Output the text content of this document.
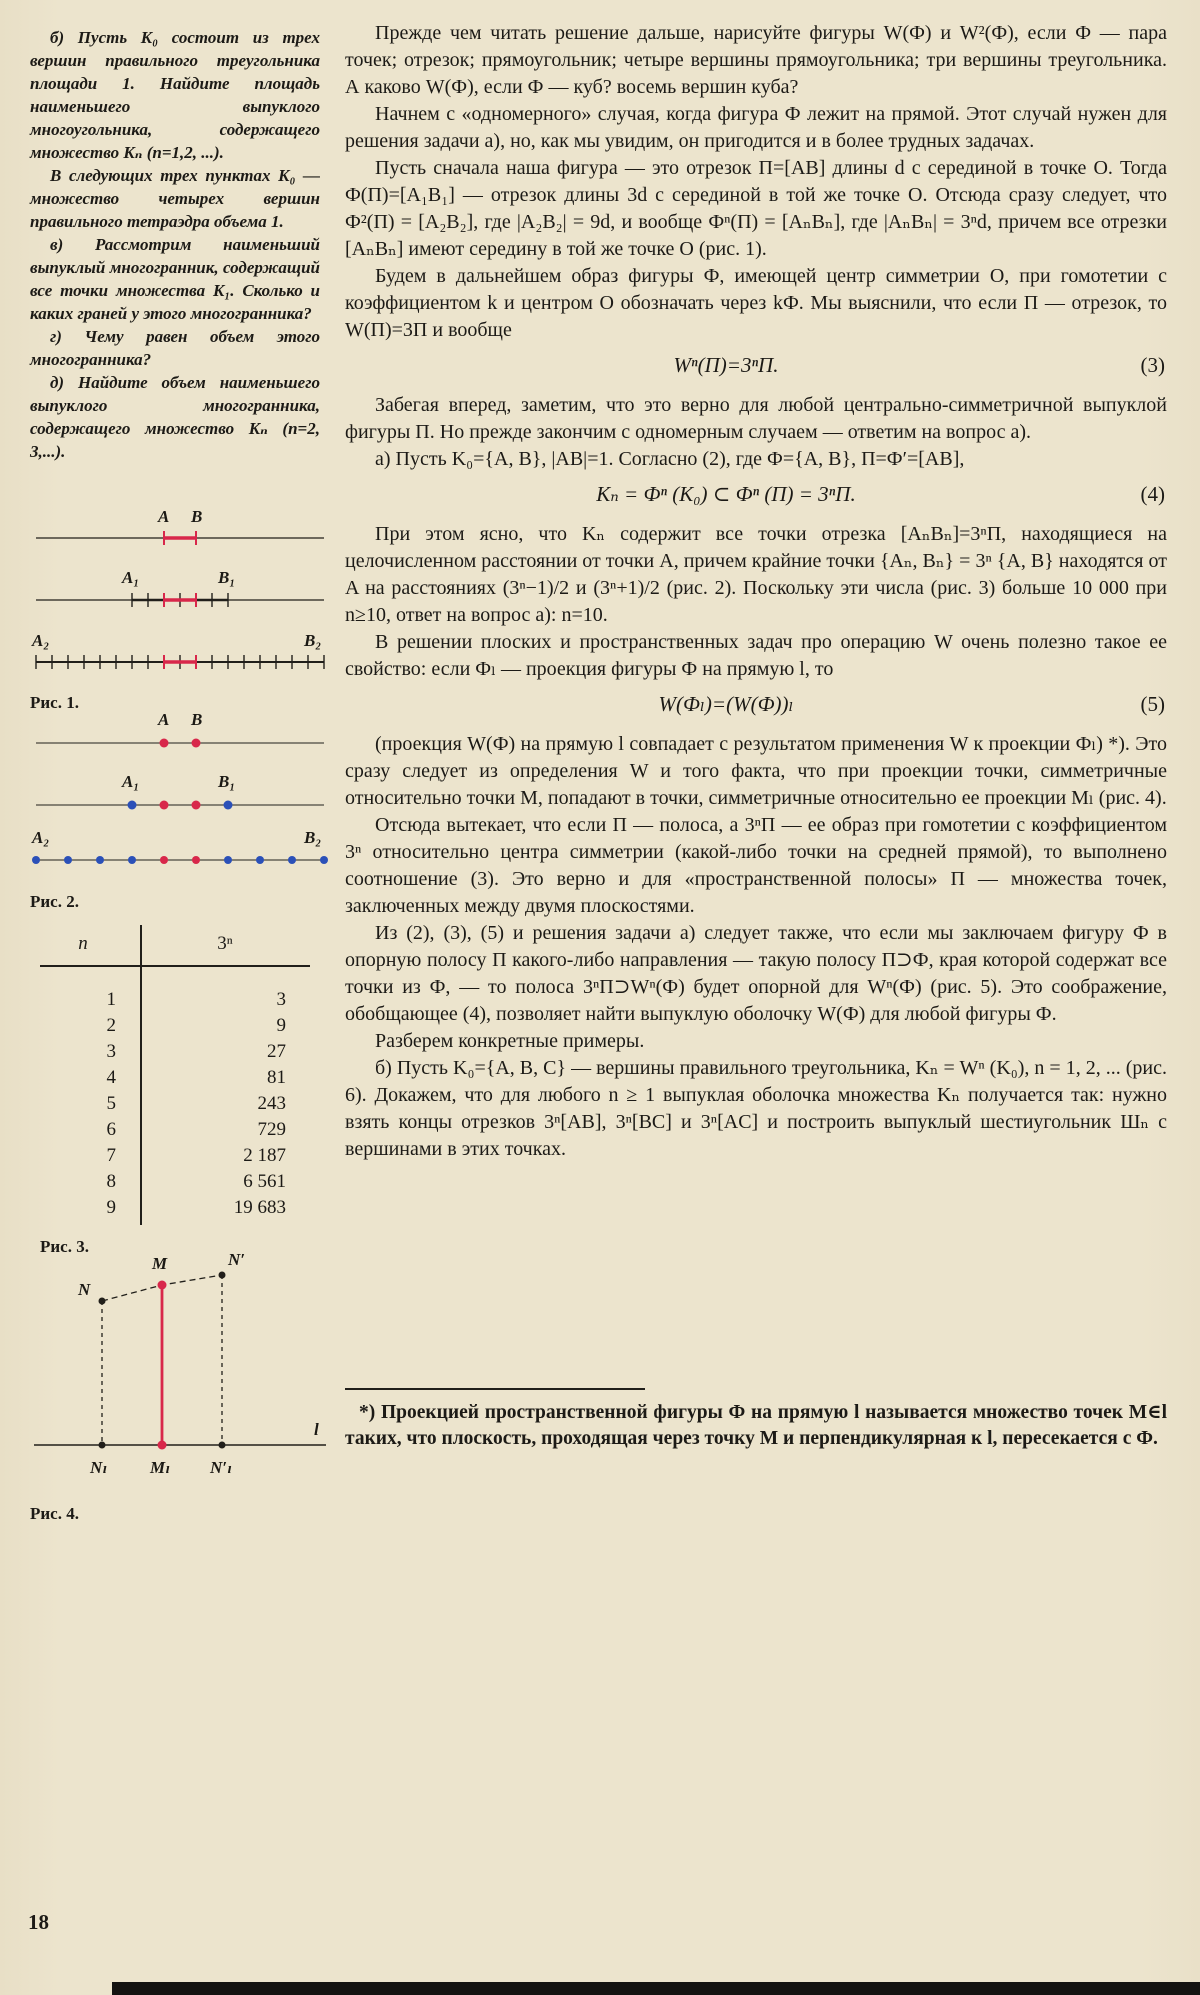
б) Пусть K₀ состоит из трех вершин правильного треугольника площади 1. Найдите площадь наименьшего выпуклого многоугольника, содержащего множество Kₙ (n=1,2, ...).

В следующих трех пунктах K₀ — множество четырех вершин правильного тетраэдра объема 1.

в) Рассмотрим наименьший выпуклый многогранник, содержащий все точки множества K₁. Сколько и каких граней у этого многогранника?

г) Чему равен объем этого многогранника?

д) Найдите объем наименьшего выпуклого многогранника, содержащего множество Kₙ (n=2, 3,...).

A B
A₁	B₁
A₂	B₂
Рис. 1.
A B
A₁	B₁
A₂	B₂
Рис. 2.
n	3ⁿ
1	3
2	9
3	27
4	81
5	243
6	729
7	2 187
8	6 561
9	19 683
Рис. 3.
N
M	N′
l
Nₗ	Mₗ N′ₗ
Рис. 4.

Прежде чем читать решение дальше, нарисуйте фигуры W(Ф) и W²(Ф), если Ф — пара точек; отрезок; прямоугольник; четыре вершины прямоугольника; три вершины треугольника. А каково W(Ф), если Ф — куб? восемь вершин куба?

Начнем с «одномерного» случая, когда фигура Ф лежит на прямой. Этот случай нужен для решения задачи а), но, как мы увидим, он пригодится и в более трудных задачах.

Пусть сначала наша фигура — это отрезок П=[AB] длины d с серединой в точке O. Тогда Ф(П)=[A₁B₁] — отрезок длины 3d с серединой в той же точке O. Отсюда сразу следует, что Ф²(П) = [A₂B₂], где |A₂B₂| = 9d, и вообще Фⁿ(П) = [AₙBₙ], где |AₙBₙ| = 3ⁿd, причем все отрезки [AₙBₙ] имеют середину в той же точке O (рис. 1).

Будем в дальнейшем образ фигуры Ф, имеющей центр симметрии O, при гомотетии с коэффициентом k и центром O обозначать через kФ. Мы выяснили, что если П — отрезок, то W(П)=3П и вообще

Wⁿ(П)=3ⁿП.	(3)

Забегая вперед, заметим, что это верно для любой центрально-симметричной выпуклой фигуры П. Но прежде закончим с одномерным случаем — ответим на вопрос а).

а) Пусть K₀={A, B}, |AB|=1. Согласно (2), где Ф={A, B}, П=Ф′=[AB],

Kₙ = Фⁿ (K₀) ⊂ Фⁿ (П) = 3ⁿП.	(4)

При этом ясно, что Kₙ содержит все точки отрезка [AₙBₙ]=3ⁿП, находящиеся на целочисленном расстоянии от точки A, причем крайние точки {Aₙ, Bₙ} = 3ⁿ {A, B} находятся от A на расстояниях (3ⁿ−1)/2 и (3ⁿ+1)/2 (рис. 2). Поскольку эти числа (рис. 3) больше 10 000 при n≥10, ответ на вопрос а): n=10.

В решении плоских и пространственных задач про операцию W очень полезно такое ее свойство: если Фₗ — проекция фигуры Ф на прямую l, то

W(Фₗ)=(W(Ф))ₗ	(5)

(проекция W(Ф) на прямую l совпадает с результатом применения W к проекции Фₗ) *). Это сразу следует из определения W и того факта, что при проекции точки, симметричные относительно точки M, попадают в точки, симметричные относительно ее проекции Mₗ (рис. 4).

Отсюда вытекает, что если П — полоса, а 3ⁿП — ее образ при гомотетии с коэффициентом 3ⁿ относительно центра симметрии (какой-либо точки на средней прямой), то выполнено соотношение (3). Это верно и для «пространственной полосы» П — множества точек, заключенных между двумя плоскостями.

Из (2), (3), (5) и решения задачи а) следует также, что если мы заключаем фигуру Ф в опорную полосу П какого-либо направления — такую полосу П⊃Ф, края которой содержат все точки из Ф, — то полоса 3ⁿП⊃Wⁿ(Ф) будет опорной для Wⁿ(Ф) (рис. 5). Это соображение, обобщающее (4), позволяет найти выпуклую оболочку W(Ф) для любой фигуры Ф.

Разберем конкретные примеры.

б) Пусть K₀={A, B, C} — вершины правильного треугольника, Kₙ = Wⁿ (K₀), n = 1, 2, ... (рис. 6). Докажем, что для любого n ≥ 1 выпуклая оболочка множества Kₙ получается так: нужно взять концы отрезков 3ⁿ[AB], 3ⁿ[BC] и 3ⁿ[AC] и построить выпуклый шестиугольник Шₙ с вершинами в этих точках.

*) Проекцией пространственной фигуры Ф на прямую l называется множество точек M∈l таких, что плоскость, проходящая через точку M и перпендикулярная к l, пересекается с Ф.

18
